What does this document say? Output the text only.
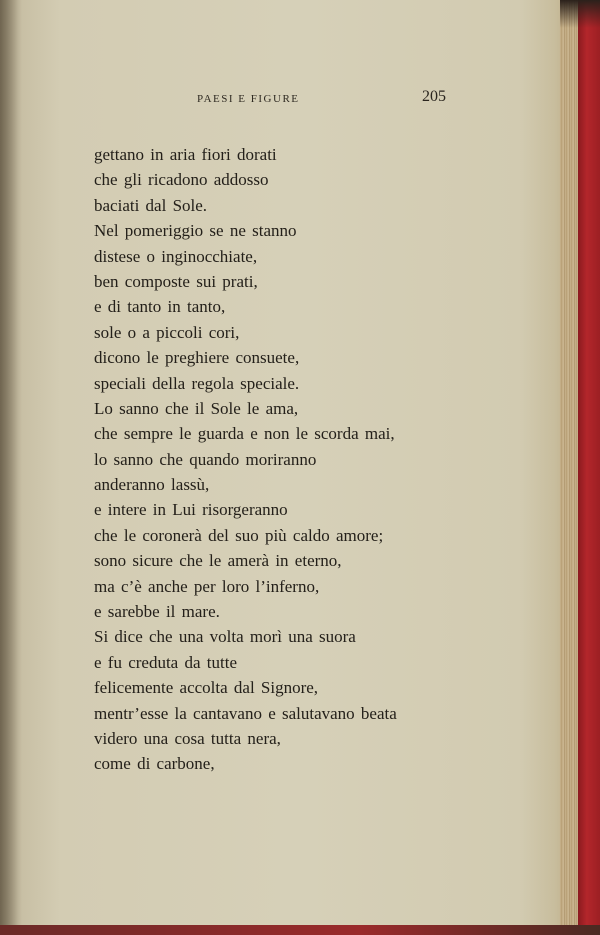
PAESI E FIGURE	205
gettano in aria fiori dorati
che gli ricadono addosso
baciati dal Sole.
Nel pomeriggio se ne stanno
distese o inginocchiate,
ben composte sui prati,
e di tanto in tanto,
sole o a piccoli cori,
dicono le preghiere consuete,
speciali della regola speciale.
Lo sanno che il Sole le ama,
che sempre le guarda e non le scorda mai,
lo sanno che quando moriranno
anderanno lassù,
e intere in Lui risorgeranno
che le coronerà del suo più caldo amore;
sono sicure che le amerà in eterno,
ma c’è anche per loro l’inferno,
e sarebbe il mare.
Si dice che una volta morì una suora
e fu creduta da tutte
felicemente accolta dal Signore,
mentr’esse la cantavano e salutavano beata
videro una cosa tutta nera,
come di carbone,
